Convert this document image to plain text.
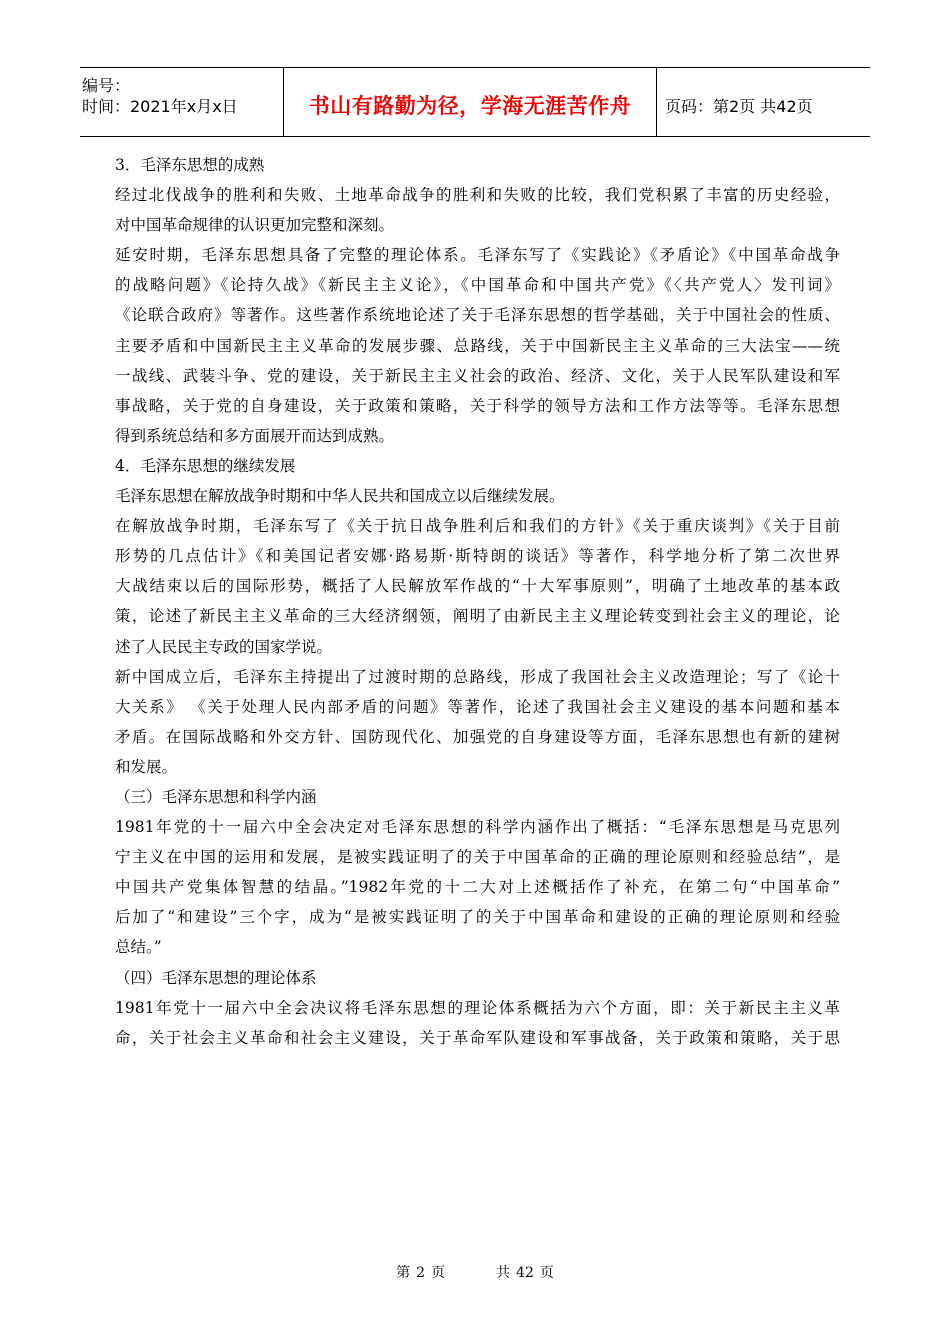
编号：
时间：2021年x月x日	书山有路勤为径，学海无涯苦作舟	页码：第2页 共42页
3．毛泽东思想的成熟
经过北伐战争的胜利和失败、土地革命战争的胜利和失败的比较，我们党积累了丰富的历史经验，
对中国革命规律的认识更加完整和深刻。
延安时期，毛泽东思想具备了完整的理论体系。毛泽东写了《实践论》《矛盾论》《中国革命战争
的战略问题》《论持久战》《新民主主义论》，《中国革命和中国共产党》《〈共产党人〉发刊词》
《论联合政府》等著作。这些著作系统地论述了关于毛泽东思想的哲学基础，关于中国社会的性质、
主要矛盾和中国新民主主义革命的发展步骤、总路线，关于中国新民主主义革命的三大法宝——统
一战线、武装斗争、党的建设，关于新民主主义社会的政治、经济、文化，关于人民军队建设和军
事战略，关于党的自身建设，关于政策和策略，关于科学的领导方法和工作方法等等。毛泽东思想
得到系统总结和多方面展开而达到成熟。
4．毛泽东思想的继续发展
毛泽东思想在解放战争时期和中华人民共和国成立以后继续发展。
在解放战争时期，毛泽东写了《关于抗日战争胜利后和我们的方针》《关于重庆谈判》《关于目前
形势的几点估计》《和美国记者安娜·路易斯·斯特朗的谈话》等著作，科学地分析了第二次世界
大战结束以后的国际形势，概括了人民解放军作战的“十大军事原则”，明确了土地改革的基本政
策，论述了新民主主义革命的三大经济纲领，阐明了由新民主主义理论转变到社会主义的理论，论
述了人民民主专政的国家学说。
新中国成立后，毛泽东主持提出了过渡时期的总路线，形成了我国社会主义改造理论；写了《论十
大关系》 《关于处理人民内部矛盾的问题》等著作，论述了我国社会主义建设的基本问题和基本
矛盾。在国际战略和外交方针、国防现代化、加强党的自身建设等方面，毛泽东思想也有新的建树
和发展。
（三）毛泽东思想和科学内涵
1981年党的十一届六中全会决定对毛泽东思想的科学内涵作出了概括：“毛泽东思想是马克思列
宁主义在中国的运用和发展，是被实践证明了的关于中国革命的正确的理论原则和经验总结”，是
中国共产党集体智慧的结晶。”1982年党的十二大对上述概括作了补充，在第二句“中国革命”
后加了“和建设”三个字，成为“是被实践证明了的关于中国革命和建设的正确的理论原则和经验
总结。”
（四）毛泽东思想的理论体系
1981年党十一届六中全会决议将毛泽东思想的理论体系概括为六个方面，即：关于新民主主义革
命，关于社会主义革命和社会主义建设，关于革命军队建设和军事战备，关于政策和策略，关于思
第 2 页	共 42 页
